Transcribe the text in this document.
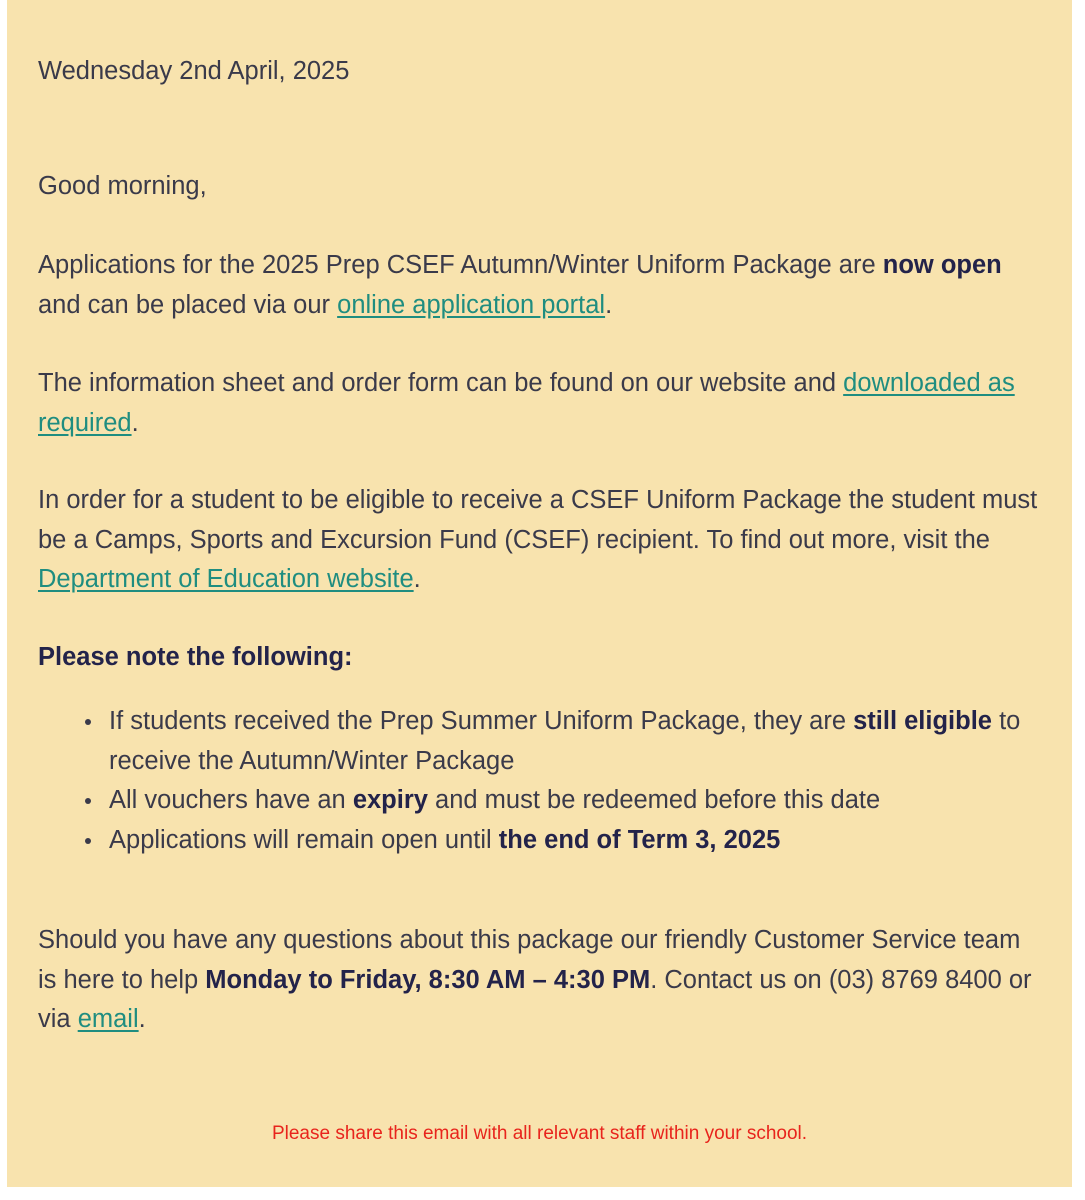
Wednesday 2nd April, 2025

Good morning,

Applications for the 2025 Prep CSEF Autumn/Winter Uniform Package are now open and can be placed via our online application portal.

The information sheet and order form can be found on our website and downloaded as required.

In order for a student to be eligible to receive a CSEF Uniform Package the student must be a Camps, Sports and Excursion Fund (CSEF) recipient. To find out more, visit the Department of Education website.

Please note the following:

If students received the Prep Summer Uniform Package, they are still eligible to receive the Autumn/Winter Package
All vouchers have an expiry and must be redeemed before this date
Applications will remain open until the end of Term 3, 2025

Should you have any questions about this package our friendly Customer Service team is here to help Monday to Friday, 8:30 AM – 4:30 PM. Contact us on (03) 8769 8400 or via email.

Please share this email with all relevant staff within your school.
